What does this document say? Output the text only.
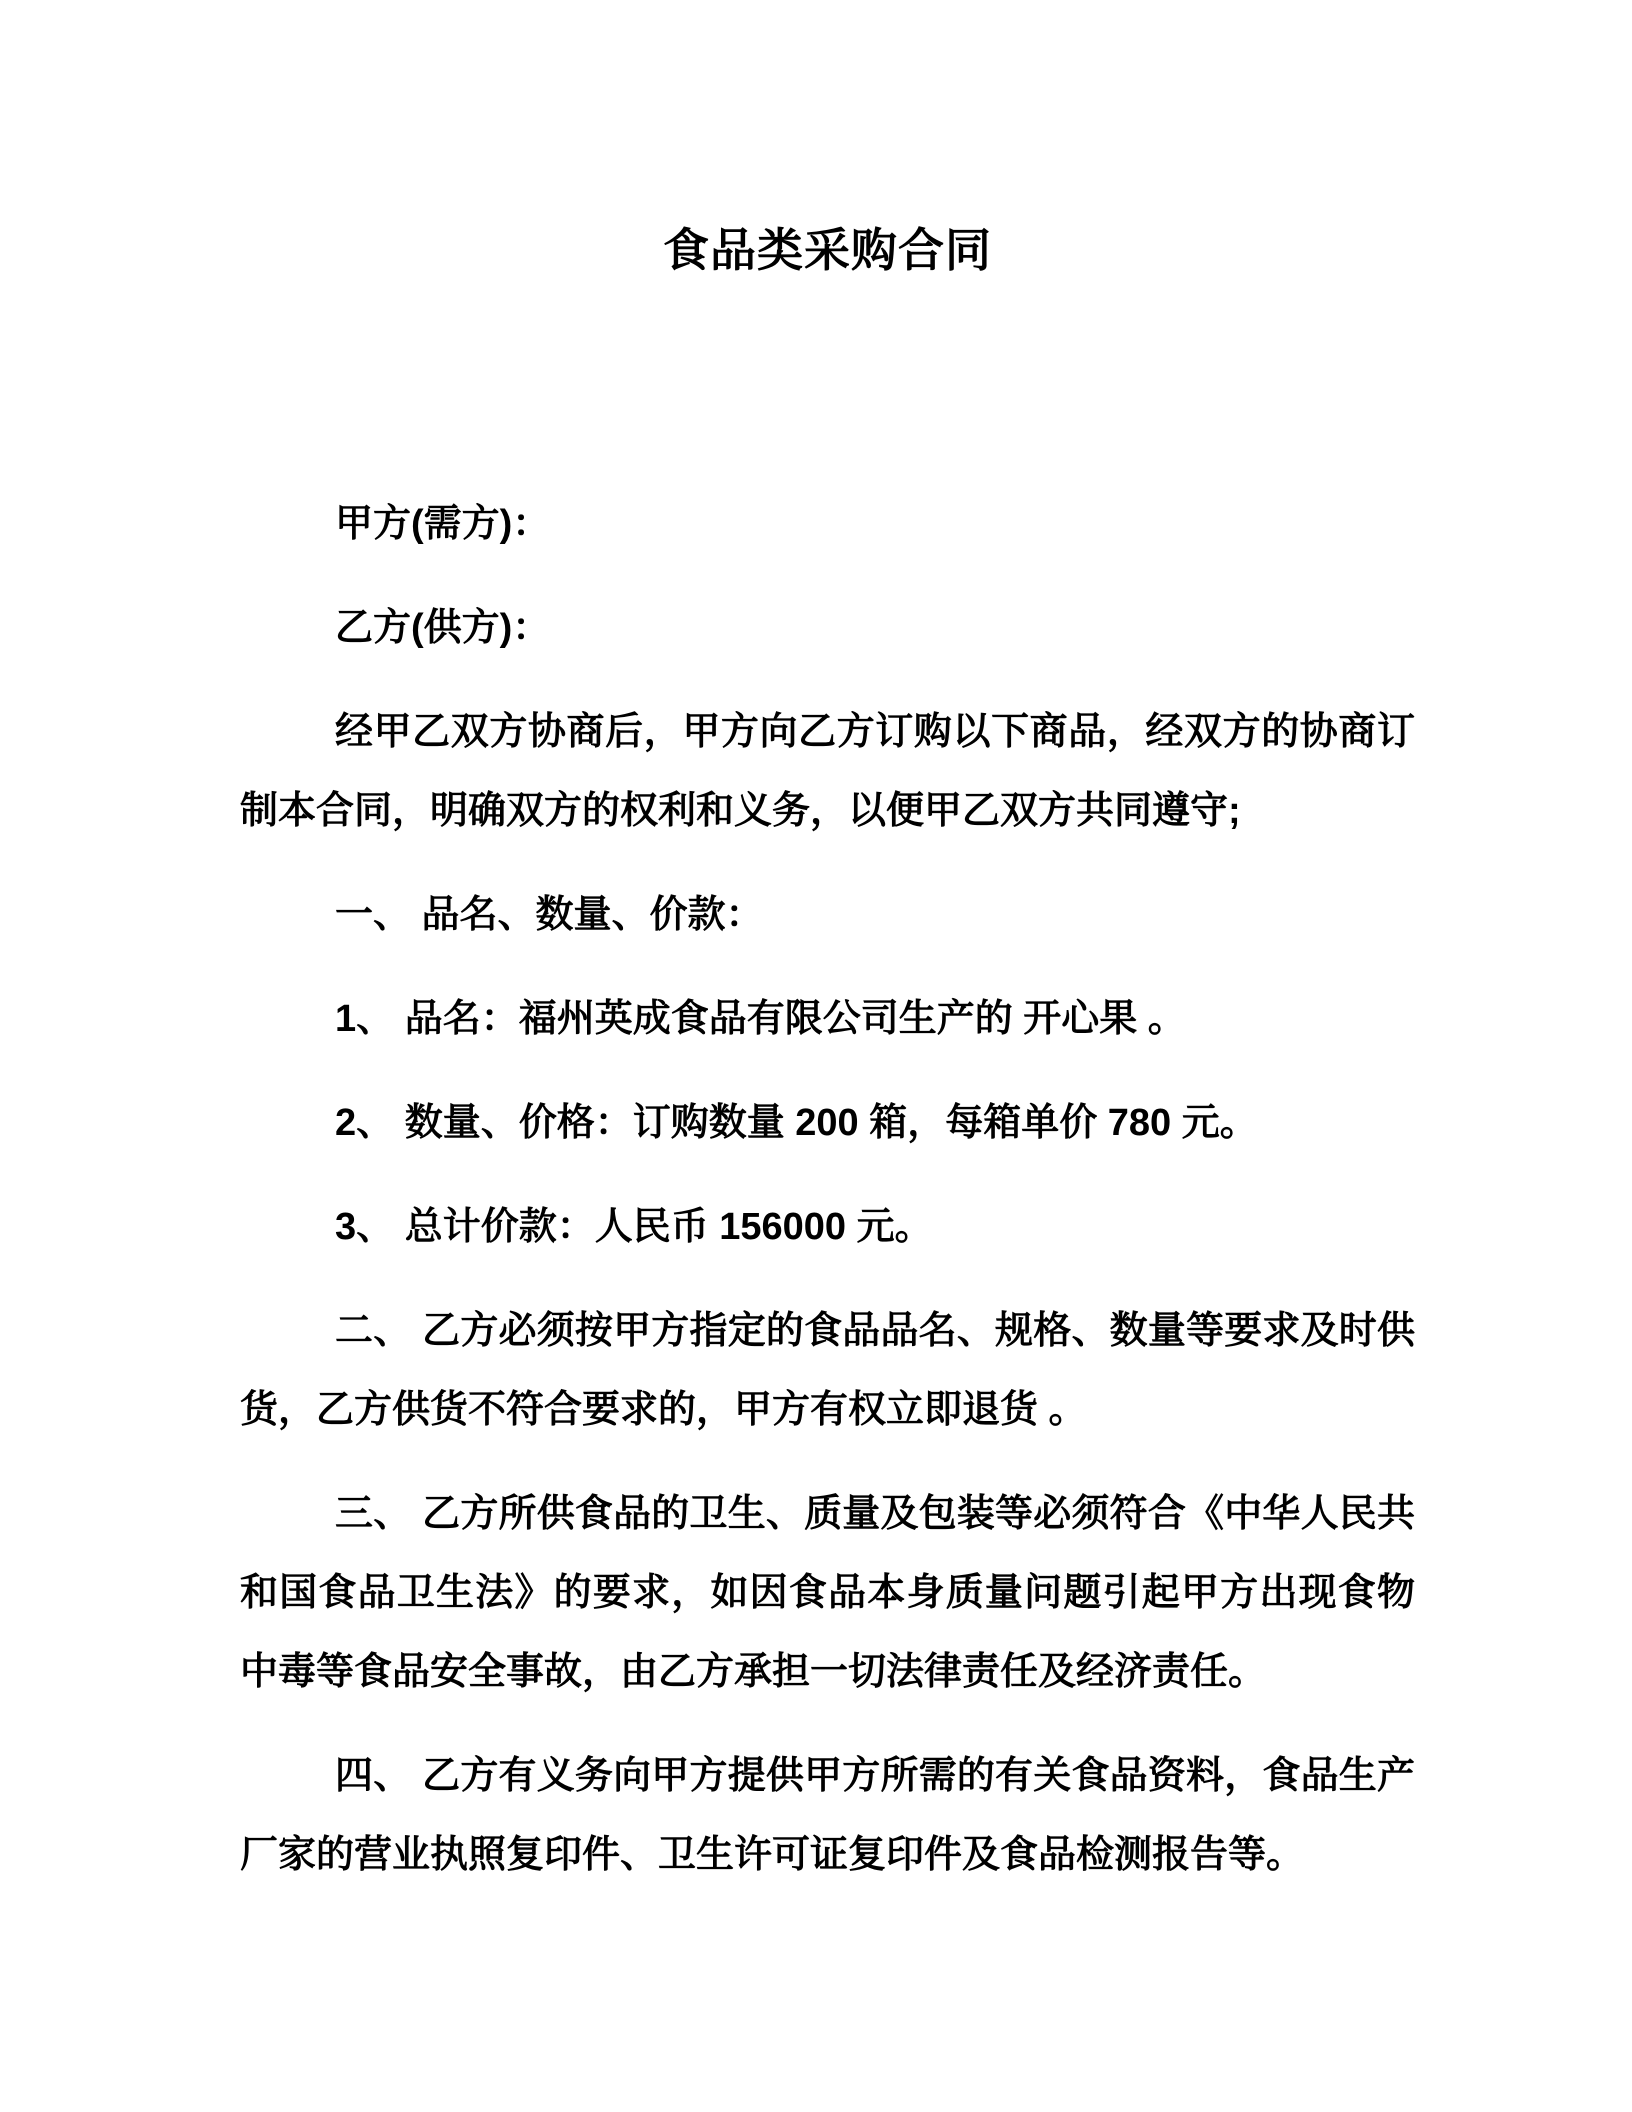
食品类采购合同

甲方(需方)：

乙方(供方)：

经甲乙双方协商后，甲方向乙方订购以下商品，经双方的协商订制本合同，明确双方的权利和义务，以便甲乙双方共同遵守;

一、 品名、数量、价款：

1、 品名：福州英成食品有限公司生产的 开心果 。

2、 数量、价格：订购数量 200 箱，每箱单价 780 元。

3、 总计价款：人民币 156000 元。

二、 乙方必须按甲方指定的食品品名、规格、数量等要求及时供货，乙方供货不符合要求的，甲方有权立即退货 。

三、 乙方所供食品的卫生、质量及包装等必须符合《中华人民共和国食品卫生法》的要求，如因食品本身质量问题引起甲方出现食物中毒等食品安全事故，由乙方承担一切法律责任及经济责任。

四、 乙方有义务向甲方提供甲方所需的有关食品资料，食品生产厂家的营业执照复印件、卫生许可证复印件及食品检测报告等。
